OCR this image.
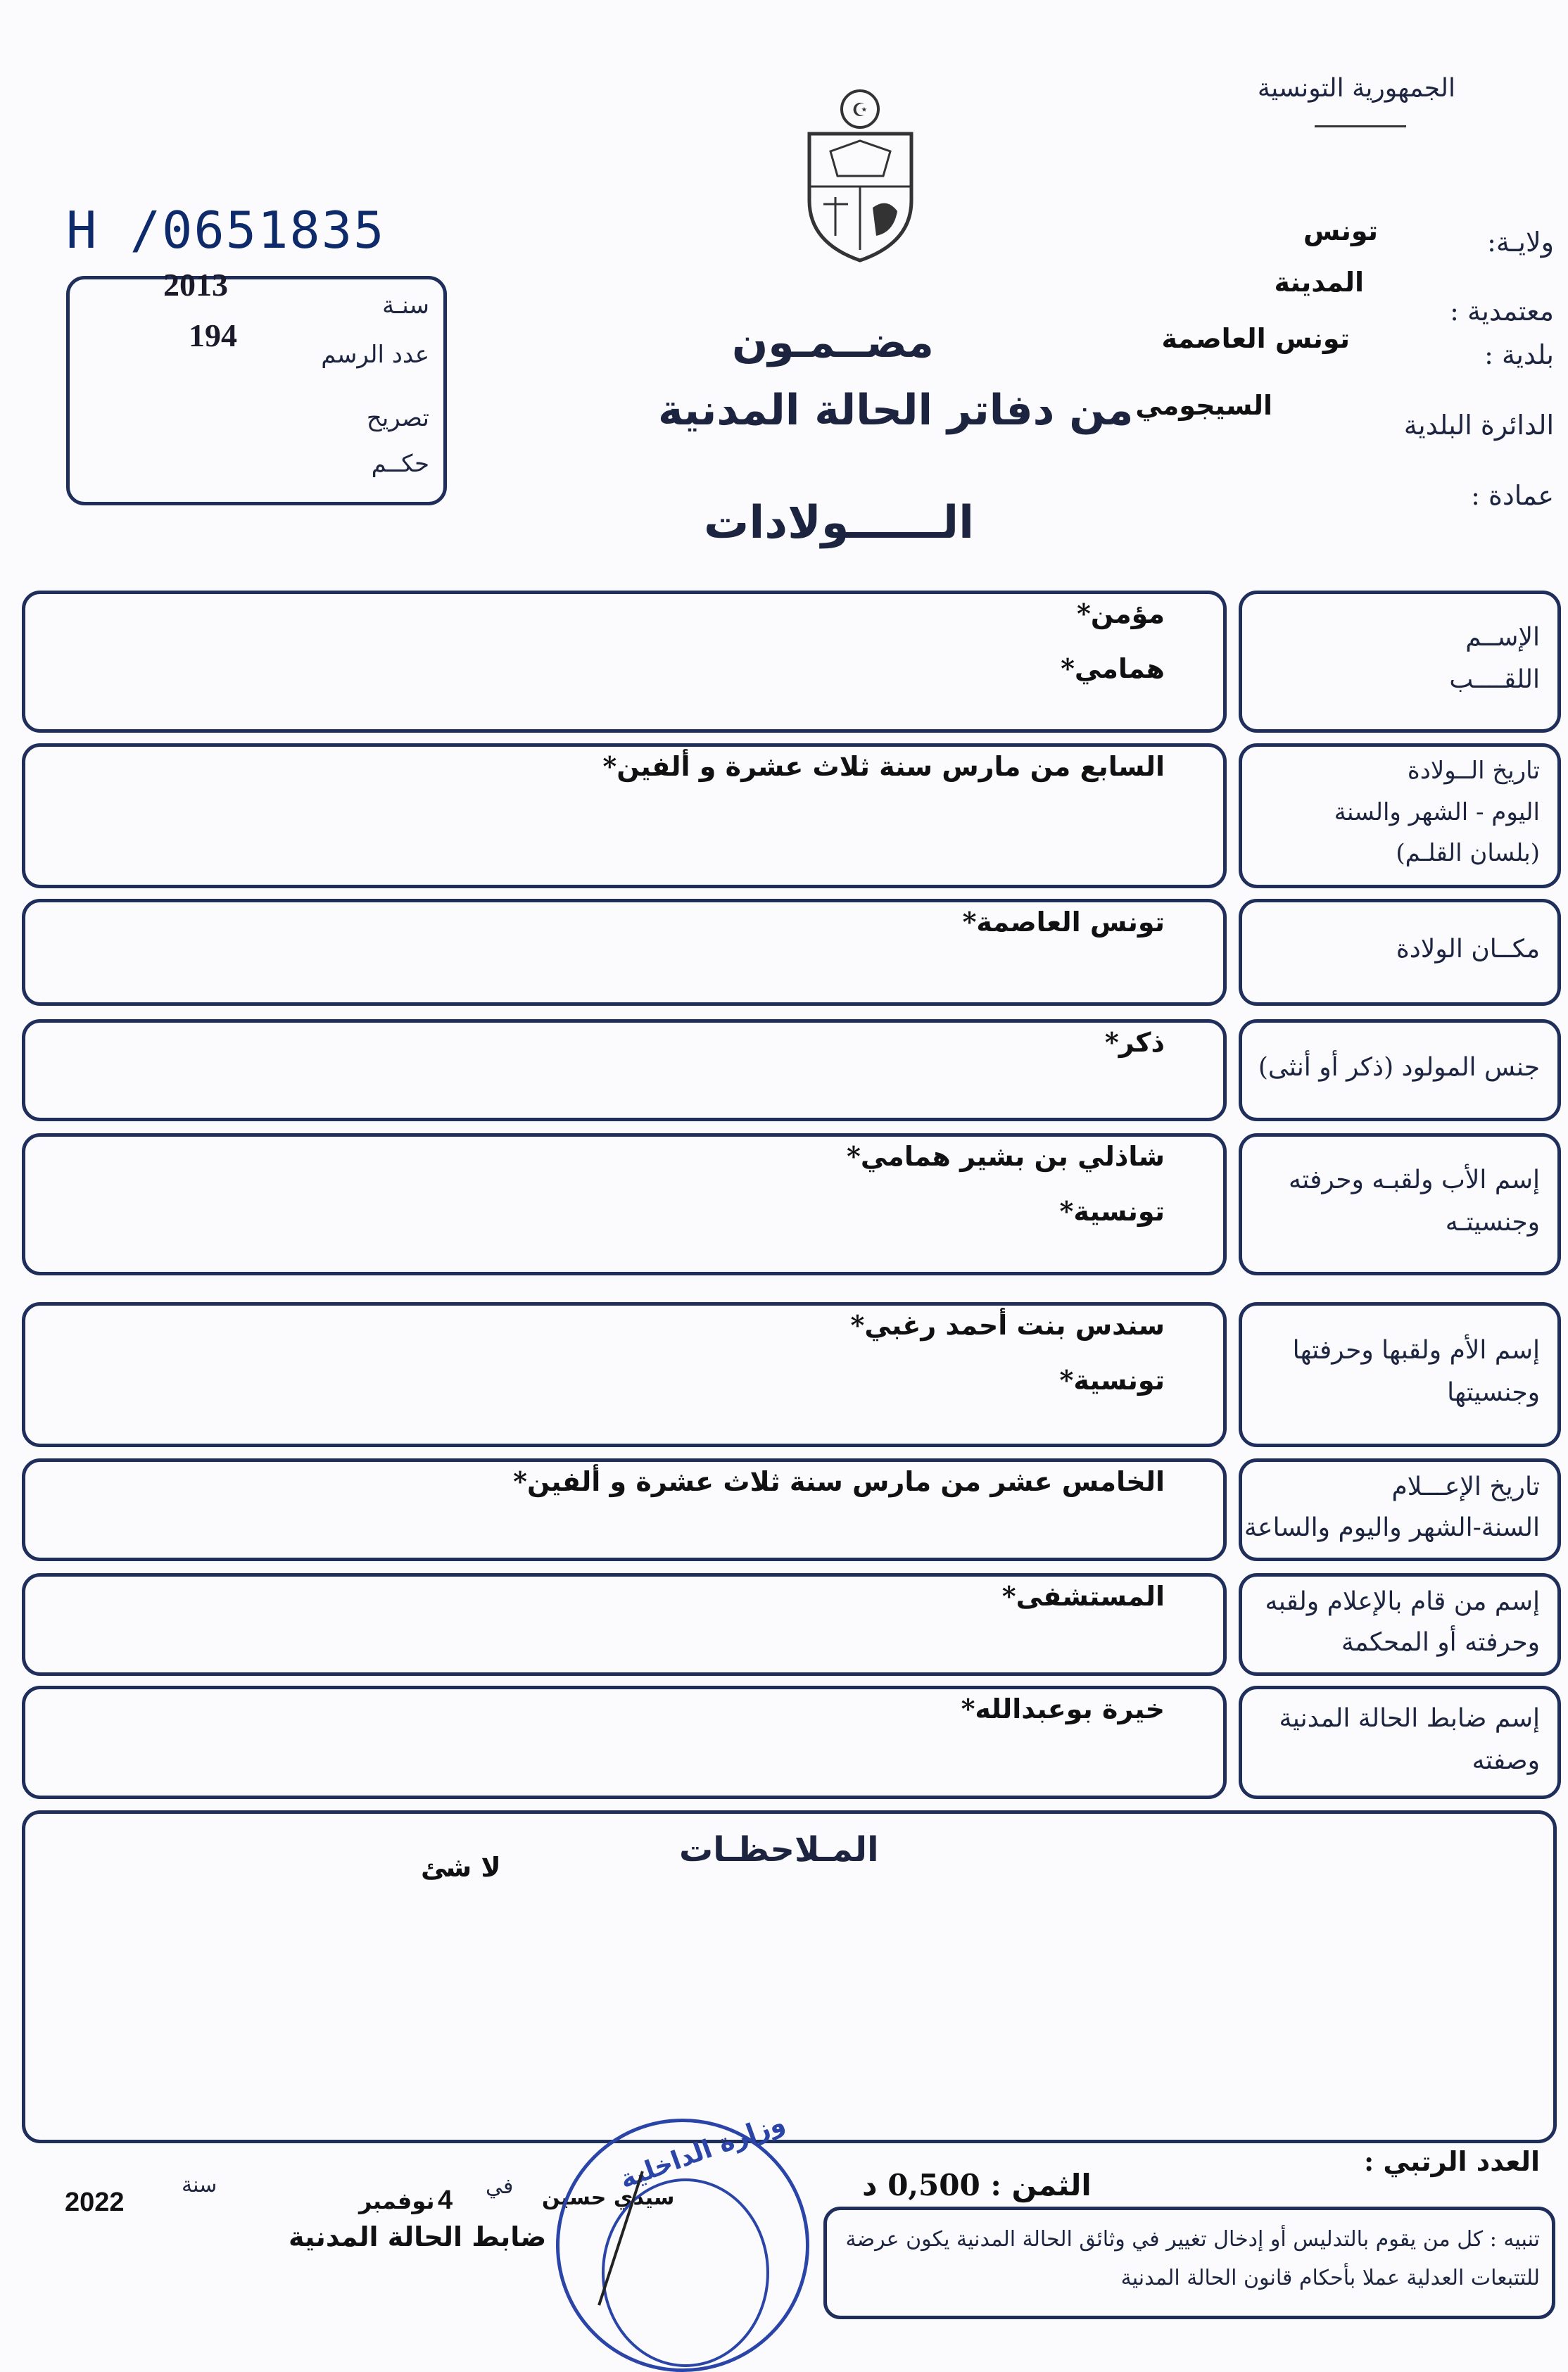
الجمهورية التونسية
☪
H /0651835
2013
194
سنـة
عدد الرسم
تصريح
حكــم
ولايـة:
معتمدية :
بلدية :
الدائرة البلدية
عمادة :
تونس
المدينة
تونس العاصمة
السيجومي
مضــمـون
من دفاتر الحالة المدنية
الــــــولادات
الإســم
اللقــــب
مؤمن*
همامي*
تاريخ الــولادة
اليوم - الشهر والسنة
(بلسان القلـم)
السابع من مارس سنة ثلاث عشرة و ألفين*
مكــان الولادة
تونس العاصمة*
جنس المولود (ذكر أو أنثى)
ذكر*
إسم الأب ولقبـه وحرفته
وجنسيتـه
شاذلي بن بشير همامي*
تونسية*
إسم الأم ولقبها وحرفتها
وجنسيتها
سندس بنت أحمد رغبي*
تونسية*
تاريخ الإعـــلام
السنة-الشهر واليوم والساعة
الخامس عشر من مارس سنة ثلاث عشرة و ألفين*
إسم من قام بالإعلام ولقبه
وحرفته أو المحكمة
المستشفى*
إسم ضابط الحالة المدنية
وصفته
خيرة بوعبدالله*
المـلاحظـات
لا شئ
العدد الرتبي :
الثمن : 0,500 د
سنة
2022
في
4
نوفمبر	سيدي حسين
ضابط الحالة المدنية
وزارة الداخلية
تنبيه : كل من يقوم بالتدليس أو إدخال تغيير في وثائق الحالة المدنية يكون عرضة
للتتبعات العدلية عملا بأحكام قانون الحالة المدنية
